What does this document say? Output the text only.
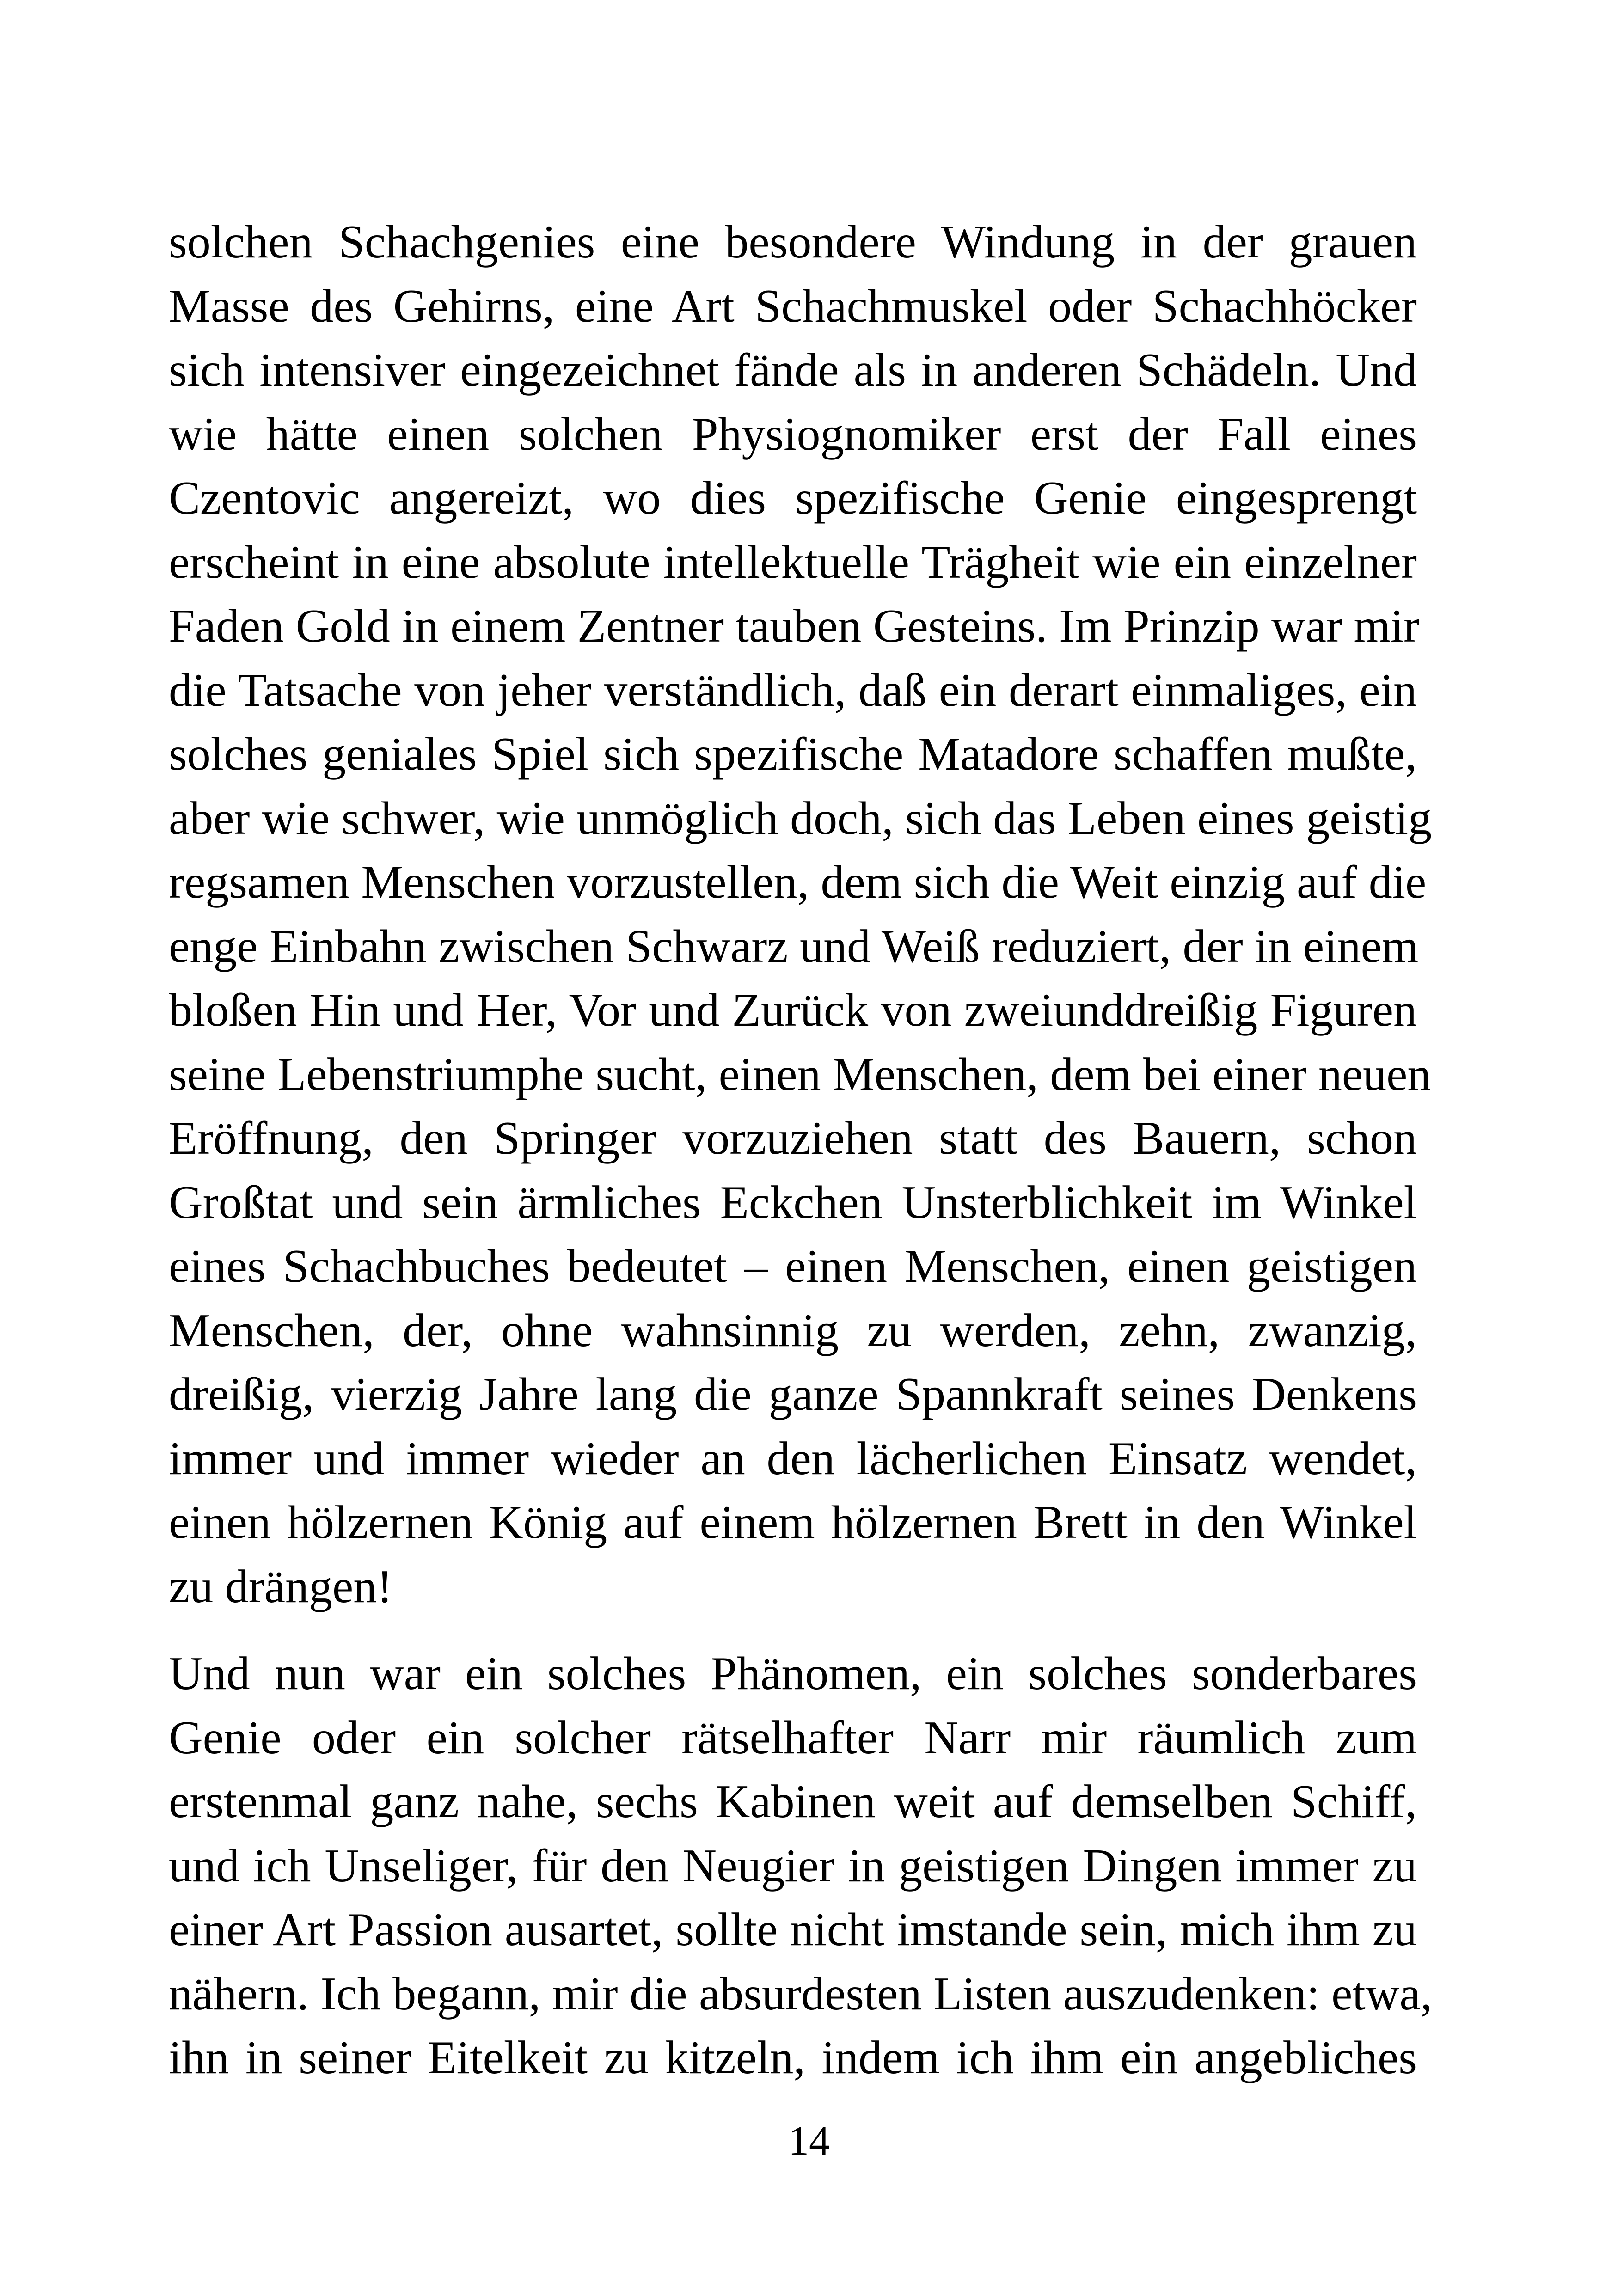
solchen Schachgenies eine besondere Windung in der grauen
Masse des Gehirns, eine Art Schachmuskel oder Schachhöcker
sich intensiver eingezeichnet fände als in anderen Schädeln. Und
wie hätte einen solchen Physiognomiker erst der Fall eines
Czentovic angereizt, wo dies spezifische Genie eingesprengt
erscheint in eine absolute intellektuelle Trägheit wie ein einzelner
Faden Gold in einem Zentner tauben Gesteins. Im Prinzip war mir
die Tatsache von jeher verständlich, daß ein derart einmaliges, ein
solches geniales Spiel sich spezifische Matadore schaffen mußte,
aber wie schwer, wie unmöglich doch, sich das Leben eines geistig
regsamen Menschen vorzustellen, dem sich die Weit einzig auf die
enge Einbahn zwischen Schwarz und Weiß reduziert, der in einem
bloßen Hin und Her, Vor und Zurück von zweiunddreißig Figuren
seine Lebenstriumphe sucht, einen Menschen, dem bei einer neuen
Eröffnung, den Springer vorzuziehen statt des Bauern, schon
Großtat und sein ärmliches Eckchen Unsterblichkeit im Winkel
eines Schachbuches bedeutet – einen Menschen, einen geistigen
Menschen, der, ohne wahnsinnig zu werden, zehn, zwanzig,
dreißig, vierzig Jahre lang die ganze Spannkraft seines Denkens
immer und immer wieder an den lächerlichen Einsatz wendet,
einen hölzernen König auf einem hölzernen Brett in den Winkel
zu drängen!
Und nun war ein solches Phänomen, ein solches sonderbares
Genie oder ein solcher rätselhafter Narr mir räumlich zum
erstenmal ganz nahe, sechs Kabinen weit auf demselben Schiff,
und ich Unseliger, für den Neugier in geistigen Dingen immer zu
einer Art Passion ausartet, sollte nicht imstande sein, mich ihm zu
nähern. Ich begann, mir die absurdesten Listen auszudenken: etwa,
ihn in seiner Eitelkeit zu kitzeln, indem ich ihm ein angebliches
14
